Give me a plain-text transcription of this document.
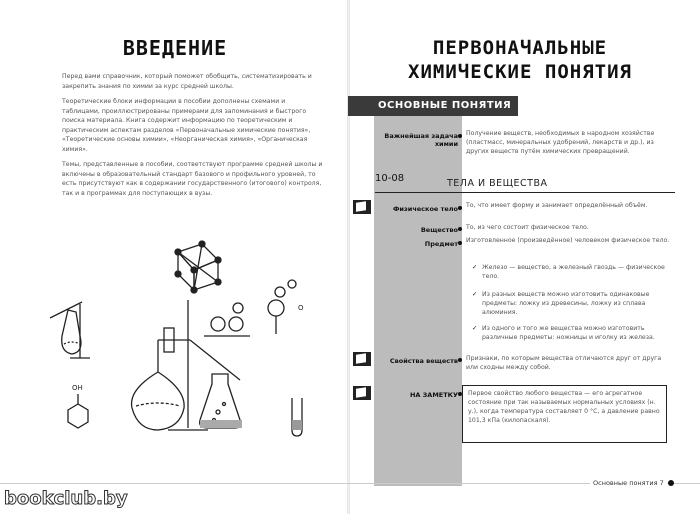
ВВЕДЕНИЕ

Перед вами справочник, который поможет обобщить, систематизировать и закрепить знания по химии за курс средней школы.

Теоретические блоки информации в пособии дополнены схемами и таблицами, проиллюстрированы примерами для запоминания и быстрого поиска материала. Книга содержит информацию по теоретическим и практическим аспектам разделов «Первоначальные химические понятия», «Теоретические основы химии», «Неорганическая химия», «Органическая химия».

Темы, представленные в пособии, соответствуют программе средней школы и включены в образовательный стандарт базового и профильного уровней, то есть присутствуют как в содержании государственного (итогового) контроля, так и в программах для поступающих в вузы.

OH
O
ПЕРВОНАЧАЛЬНЫЕ
ХИМИЧЕСКИЕ ПОНЯТИЯ
ОСНОВНЫЕ ПОНЯТИЯ
Важнейшая задача химии
Получение веществ, необходимых в народном хозяйстве (пластмасс, минеральных удобрений, лекарств и др.), из других веществ путём химических превращений.
10-08	ТЕЛА И ВЕЩЕСТВА
Физическое тело То, что имеет форму и занимает определённый объём.
Вещество То, из чего состоит физическое тело.
Предмет Изготовленное (произведённое) человеком физическое тело.
✓ Железо — вещество, а железный гвоздь — физическое тело.
✓ Из разных веществ можно изготовить одинаковые предметы: ложку из древесины, ложку из сплава алюминия.
✓ Из одного и того же вещества можно изготовить различные предметы: ножницы и иголку из железа.
Свойства веществ Признаки, по которым вещества отличаются друг от друга или сходны между собой.
НА ЗАМЕТКУ Первое свойство любого вещества — его агрегатное состояние при так называемых нормальных условиях (н. у.), когда температура составляет 0 °С, а давление равно 101,3 кПа (килопаскаля).
Основные понятия 7
bookclub.by
